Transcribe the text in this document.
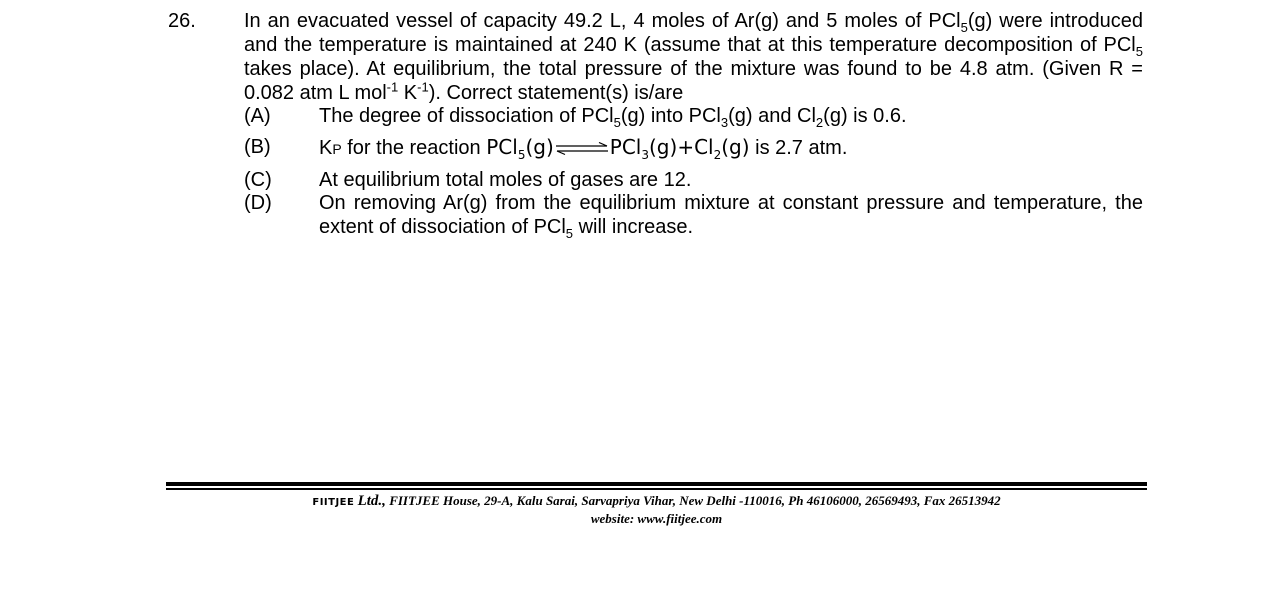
26. In an evacuated vessel of capacity 49.2 L, 4 moles of Ar(g) and 5 moles of PCl$_5$(g) were introduced and the temperature is maintained at 240 K (assume that at this temperature decomposition of PCl$_5$ takes place). At equilibrium, the total pressure of the mixture was found to be 4.8 atm. (Given R = 0.082 atm L mol$^{-1}$ $K^{-1}$). Correct statement(s) is/are
(A) The degree of dissociation of PCl$_5$(g) into PCl$_3$(g) and $Cl_2(g)$ is 0.6.
(B) KP for the reaction $PCl_5(g)\rightleftharpoons PCl_3(g)+Cl_2(g)$ is 2.7 atm.
(C) At equilibrium total moles of gases are 12.
(D) On removing Ar(g) from the equilibrium mixture at constant pressure and temperature, the extent of dissociation of PCl$_5$ will increase.
FIITJEE Ltd., FIITJEE House, 29-A, Kalu Sarai, Sarvapriya Vihar, New Delhi -110016, Ph 46106000, 26569493, Fax 26513942
website: www.fiitjee.com
